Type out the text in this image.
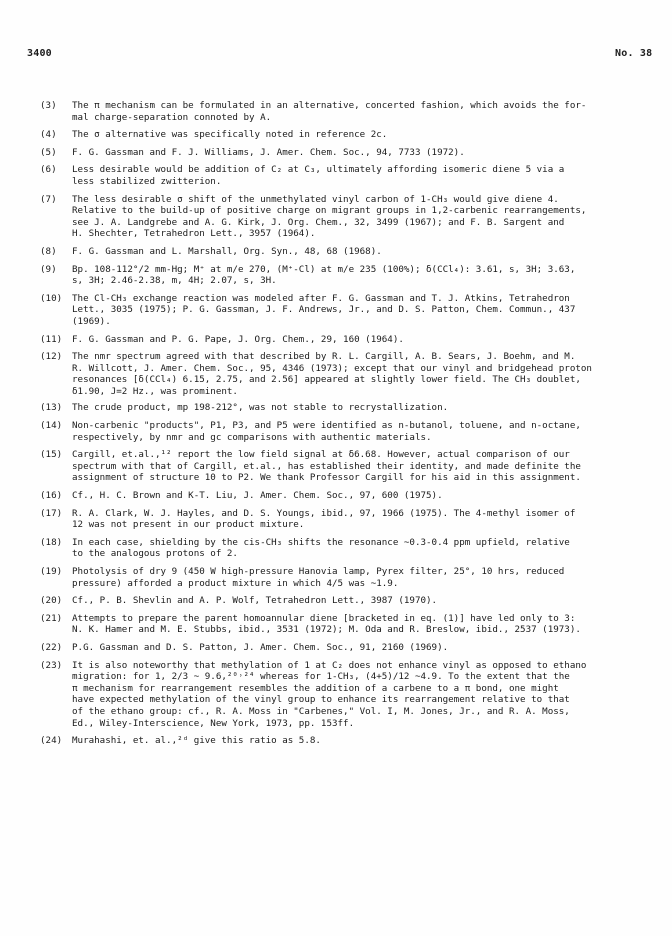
3400	No. 38
(3)	The π mechanism can be formulated in an alternative, concerted fashion, which avoids the for-
mal charge-separation connoted by A.
(4)	The σ alternative was specifically noted in reference 2c.
(5)	F. G. Gassman and F. J. Williams, J. Amer. Chem. Soc., 94, 7733 (1972).
(6)	Less desirable would be addition of C₂ at C₃, ultimately affording isomeric diene 5 via a
less stabilized zwitterion.
(7)	The less desirable σ shift of the unmethylated vinyl carbon of 1-CH₃ would give diene 4.
Relative to the build-up of positive charge on migrant groups in 1,2-carbenic rearrangements,
see J. A. Landgrebe and A. G. Kirk, J. Org. Chem., 32, 3499 (1967); and F. B. Sargent and
H. Shechter, Tetrahedron Lett., 3957 (1964).
(8)	F. G. Gassman and L. Marshall, Org. Syn., 48, 68 (1968).
(9)	Bp. 108-112°/2 mm-Hg; M⁺ at m/e 270, (M⁺-Cl) at m/e 235 (100%); δ(CCl₄): 3.61, s, 3H; 3.63,
s, 3H; 2.46-2.38, m, 4H; 2.07, s, 3H.
(10)	The Cl-CH₃ exchange reaction was modeled after F. G. Gassman and T. J. Atkins, Tetrahedron
Lett., 3035 (1975); P. G. Gassman, J. F. Andrews, Jr., and D. S. Patton, Chem. Commun., 437
(1969).
(11)	F. G. Gassman and P. G. Pape, J. Org. Chem., 29, 160 (1964).
(12)	The nmr spectrum agreed with that described by R. L. Cargill, A. B. Sears, J. Boehm, and M.
R. Willcott, J. Amer. Chem. Soc., 95, 4346 (1973); except that our vinyl and bridgehead proton
resonances [δ(CCl₄) 6.15, 2.75, and 2.56] appeared at slightly lower field. The CH₃ doublet,
δ1.90, J=2 Hz., was prominent.
(13)	The crude product, mp 198-212°, was not stable to recrystallization.
(14)	Non-carbenic "products", P1, P3, and P5 were identified as n-butanol, toluene, and n-octane,
respectively, by nmr and gc comparisons with authentic materials.
(15)	Cargill, et.al.,¹² report the low field signal at δ6.68. However, actual comparison of our
spectrum with that of Cargill, et.al., has established their identity, and made definite the
assignment of structure 10 to P2. We thank Professor Cargill for his aid in this assignment.
(16)	Cf., H. C. Brown and K-T. Liu, J. Amer. Chem. Soc., 97, 600 (1975).
(17)	R. A. Clark, W. J. Hayles, and D. S. Youngs, ibid., 97, 1966 (1975). The 4-methyl isomer of
12 was not present in our product mixture.
(18)	In each case, shielding by the cis-CH₃ shifts the resonance ~0.3-0.4 ppm upfield, relative
to the analogous protons of 2.
(19)	Photolysis of dry 9 (450 W high-pressure Hanovia lamp, Pyrex filter, 25°, 10 hrs, reduced
pressure) afforded a product mixture in which 4/5 was ~1.9.
(20)	Cf., P. B. Shevlin and A. P. Wolf, Tetrahedron Lett., 3987 (1970).
(21)	Attempts to prepare the parent homoannular diene [bracketed in eq. (1)] have led only to 3:
N. K. Hamer and M. E. Stubbs, ibid., 3531 (1972); M. Oda and R. Breslow, ibid., 2537 (1973).
(22)	P.G. Gassman and D. S. Patton, J. Amer. Chem. Soc., 91, 2160 (1969).
(23)	It is also noteworthy that methylation of 1 at C₂ does not enhance vinyl as opposed to ethano
migration: for 1, 2/3 ~ 9.6,²⁰˒²⁴ whereas for 1-CH₃, (4+5)/12 ~4.9. To the extent that the
π mechanism for rearrangement resembles the addition of a carbene to a π bond, one might
have expected methylation of the vinyl group to enhance its rearrangement relative to that
of the ethano group: cf., R. A. Moss in "Carbenes," Vol. I, M. Jones, Jr., and R. A. Moss,
Ed., Wiley-Interscience, New York, 1973, pp. 153ff.
(24)	Murahashi, et. al.,²ᵈ give this ratio as 5.8.
